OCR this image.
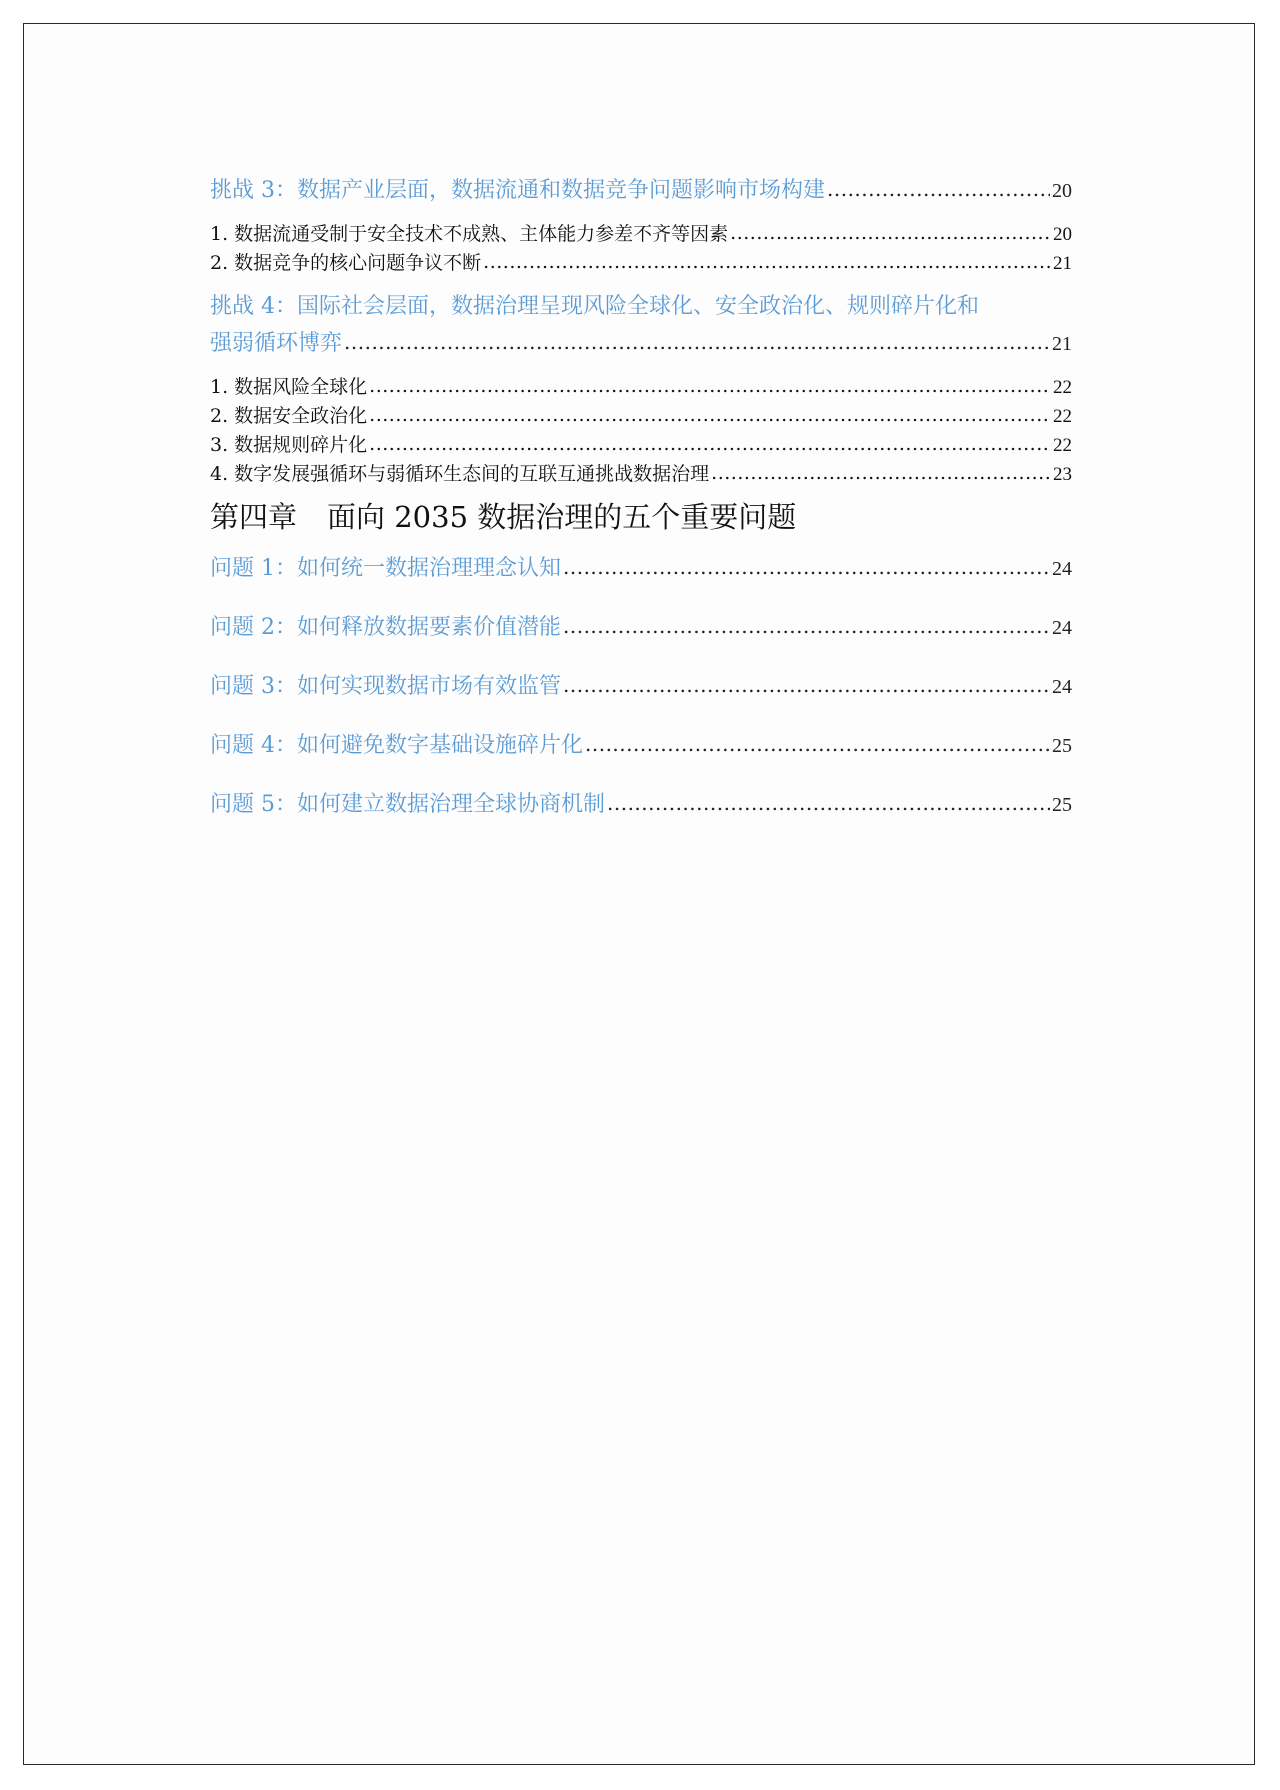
挑战 3：数据产业层面，数据流通和数据竞争问题影响市场构建 .....	20
1. 数据流通受制于安全技术不成熟、主体能力参差不齐等因素 .....	20
2. 数据竞争的核心问题争议不断 .....	21
挑战 4：国际社会层面，数据治理呈现风险全球化、安全政治化、规则碎片化和
强弱循环博弈 .....	21
1. 数据风险全球化 .....	22
2. 数据安全政治化 .....	22
3. 数据规则碎片化 .....	22
4. 数字发展强循环与弱循环生态间的互联互通挑战数据治理 .....	23
第四章 面向 2035 数据治理的五个重要问题
问题 1：如何统一数据治理理念认知 .....	24
问题 2：如何释放数据要素价值潜能 .....	24
问题 3：如何实现数据市场有效监管 .....	24
问题 4：如何避免数字基础设施碎片化 .....	25
问题 5：如何建立数据治理全球协商机制 .....	25
